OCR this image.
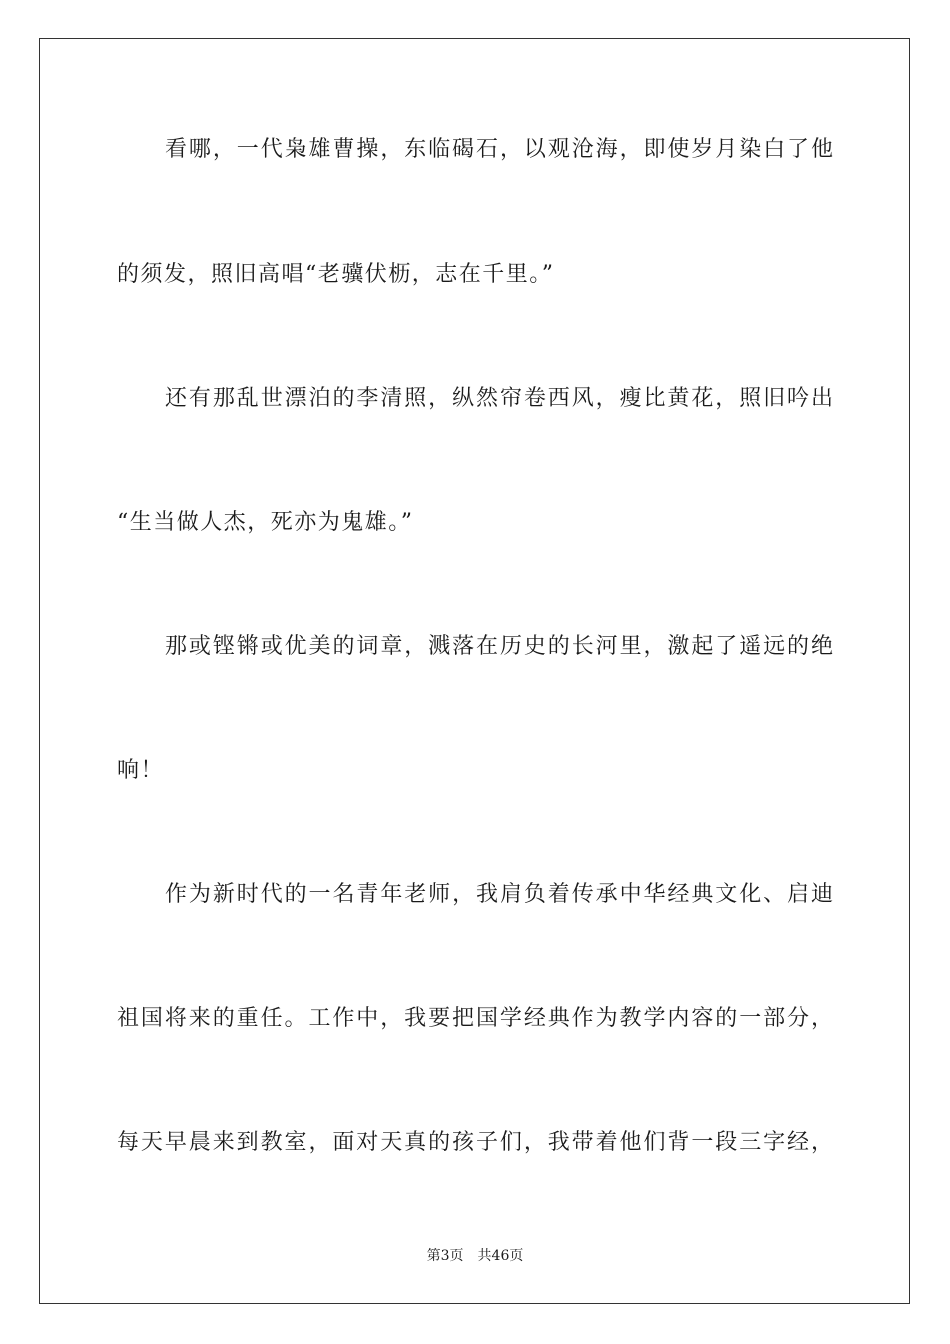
看哪，一代枭雄曹操，东临碣石，以观沧海，即使岁月染白了他
的须发，照旧高唱“老骥伏枥，志在千里。”
还有那乱世漂泊的李清照，纵然帘卷西风，瘦比黄花，照旧吟出
“生当做人杰，死亦为鬼雄。”
那或铿锵或优美的词章，溅落在历史的长河里，激起了遥远的绝
响！
作为新时代的一名青年老师，我肩负着传承中华经典文化、启迪
祖国将来的重任。工作中，我要把国学经典作为教学内容的一部分，
每天早晨来到教室，面对天真的孩子们，我带着他们背一段三字经，
第3页 共46页
